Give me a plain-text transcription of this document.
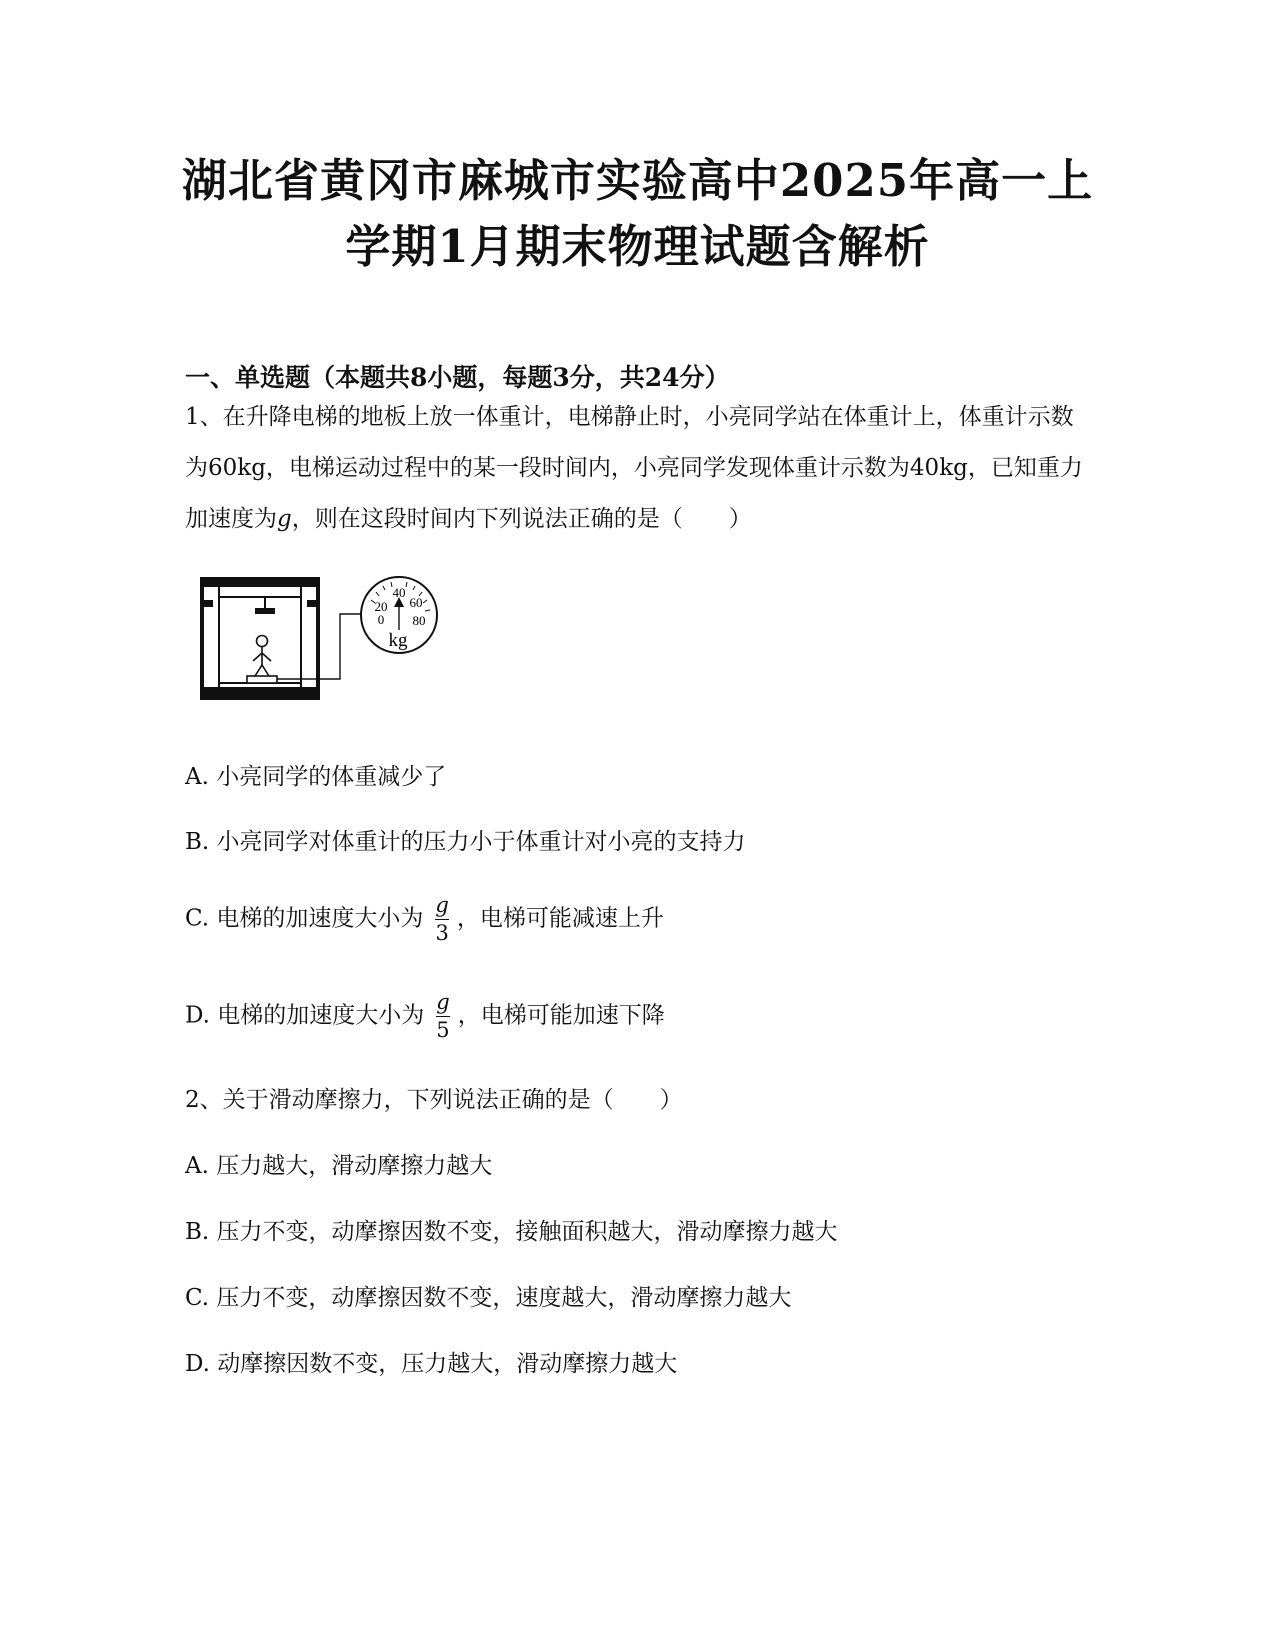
湖北省黄冈市麻城市实验高中2025年高一上
学期1月期末物理试题含解析
一、单选题（本题共8小题，每题3分，共24分）

1、在升降电梯的地板上放一体重计，电梯静止时，小亮同学站在体重计上，体重计示数为60kg，电梯运动过程中的某一段时间内，小亮同学发现体重计示数为40kg，已知重力加速度为g，则在这段时间内下列说法正确的是（　　）

40
20 60
0 80
kg
A. 小亮同学的体重减少了
B. 小亮同学对体重计的压力小于体重计对小亮的支持力
C. 电梯的加速度大小为 $\frac{g}{3}$ ，电梯可能减速上升
D. 电梯的加速度大小为 $\frac{g}{5}$ ，电梯可能加速下降
2、关于滑动摩擦力，下列说法正确的是（　　）
A. 压力越大，滑动摩擦力越大
B. 压力不变，动摩擦因数不变，接触面积越大，滑动摩擦力越大
C. 压力不变，动摩擦因数不变，速度越大，滑动摩擦力越大
D. 动摩擦因数不变，压力越大，滑动摩擦力越大
